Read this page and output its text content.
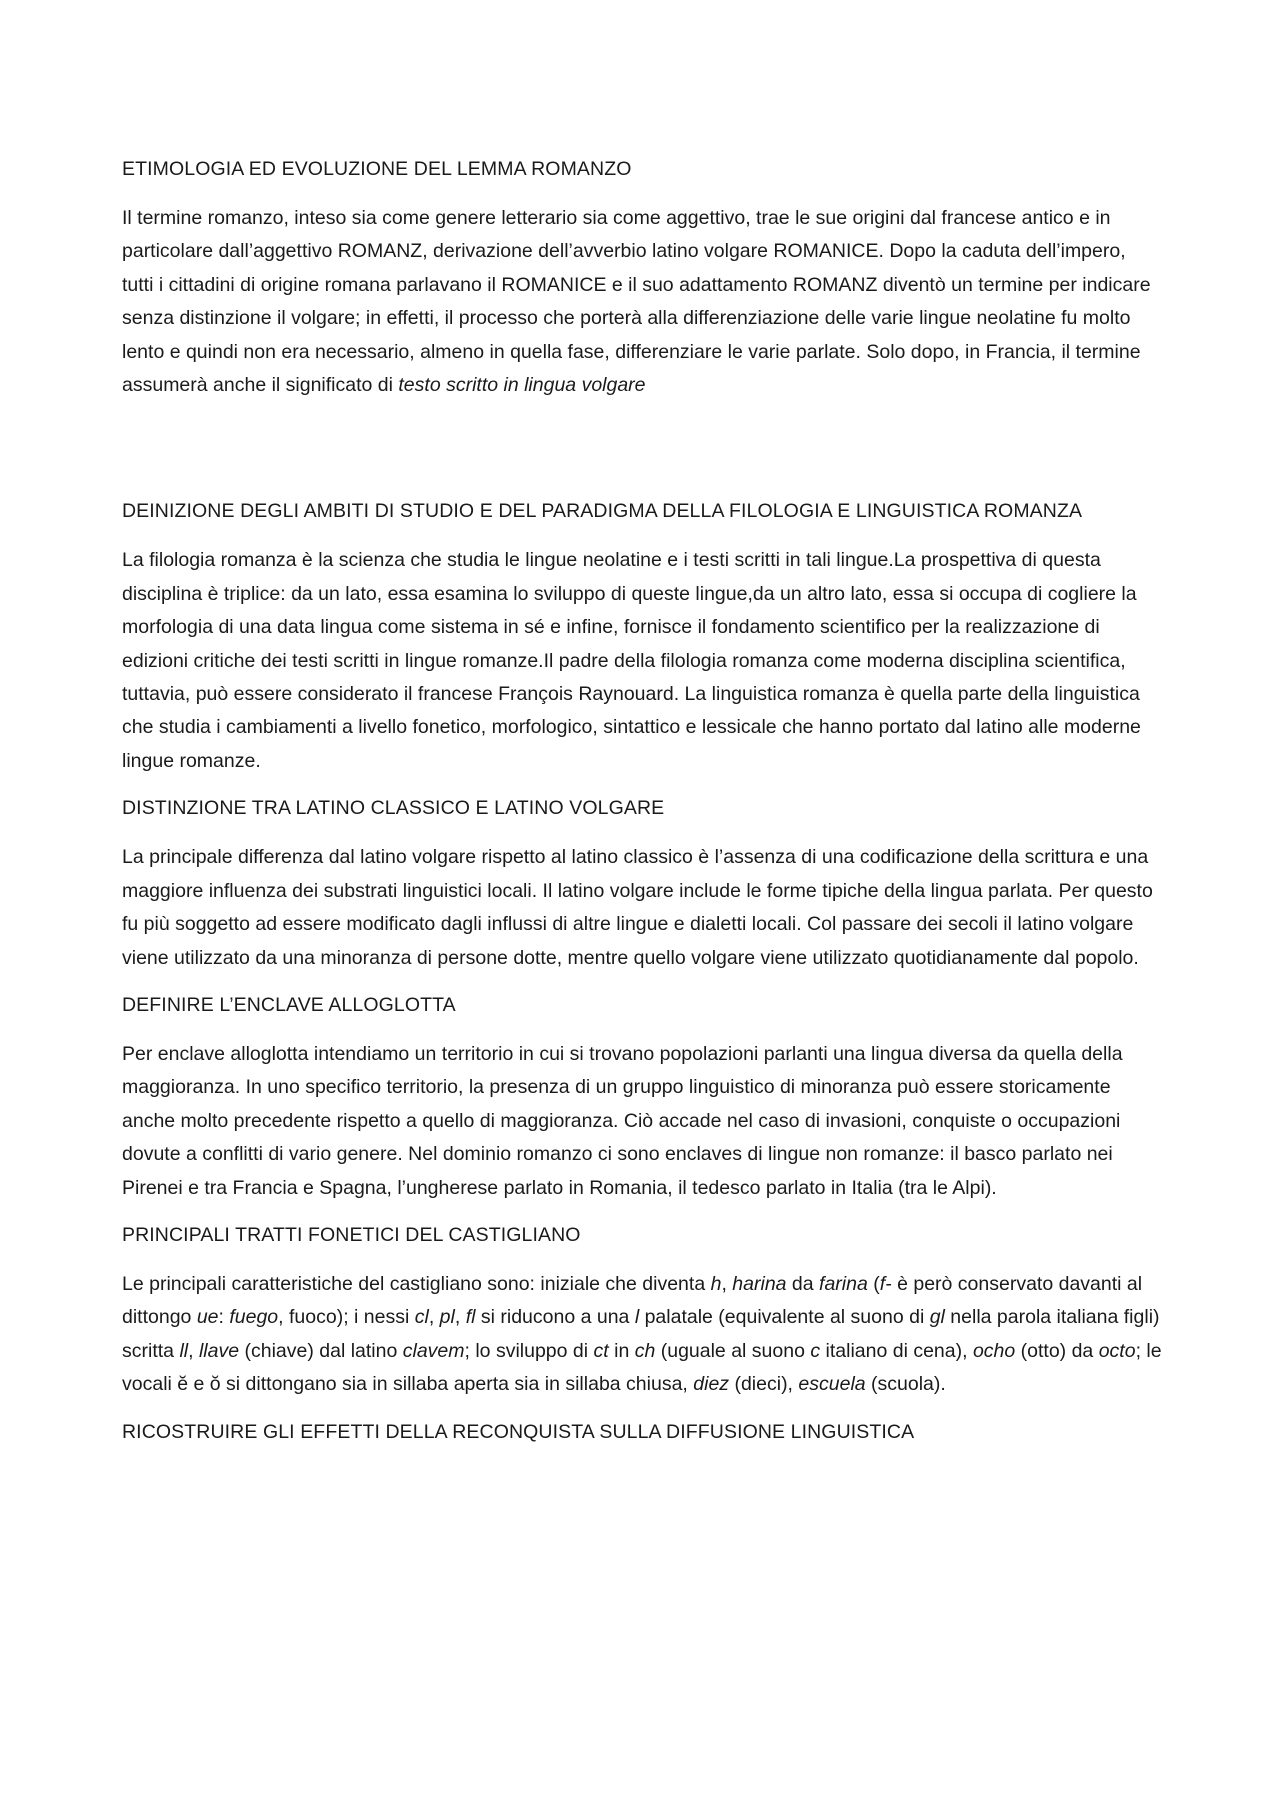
ETIMOLOGIA ED EVOLUZIONE DEL LEMMA ROMANZO

Il termine romanzo, inteso sia come genere letterario sia come aggettivo, trae le sue origini dal francese antico e in particolare dall’aggettivo ROMANZ, derivazione dell’avverbio latino volgare ROMANICE. Dopo la caduta dell’impero, tutti i cittadini di origine romana parlavano il ROMANICE e il suo adattamento ROMANZ diventò un termine per indicare senza distinzione il volgare; in effetti, il processo che porterà alla differenziazione delle varie lingue neolatine fu molto lento e quindi non era necessario, almeno in quella fase, differenziare le varie parlate. Solo dopo, in Francia, il termine assumerà anche il significato di testo scritto in lingua volgare

DEINIZIONE DEGLI AMBITI DI STUDIO E DEL PARADIGMA DELLA FILOLOGIA E LINGUISTICA ROMANZA

La filologia romanza è la scienza che studia le lingue neolatine e i testi scritti in tali lingue.La prospettiva di questa disciplina è triplice: da un lato, essa esamina lo sviluppo di queste lingue,da un altro lato, essa si occupa di cogliere la morfologia di una data lingua come sistema in sé e infine, fornisce il fondamento scientifico per la realizzazione di edizioni critiche dei testi scritti in lingue romanze.Il padre della filologia romanza come moderna disciplina scientifica, tuttavia, può essere considerato il francese François Raynouard. La linguistica romanza è quella parte della linguistica che studia i cambiamenti a livello fonetico, morfologico, sintattico e lessicale che hanno portato dal latino alle moderne lingue romanze.

DISTINZIONE TRA LATINO CLASSICO E LATINO VOLGARE

La principale differenza dal latino volgare rispetto al latino classico è l’assenza di una codificazione della scrittura e una maggiore influenza dei substrati linguistici locali. Il latino volgare include le forme tipiche della lingua parlata. Per questo fu più soggetto ad essere modificato dagli influssi di altre lingue e dialetti locali. Col passare dei secoli il latino volgare viene utilizzato da una minoranza di persone dotte, mentre quello volgare viene utilizzato quotidianamente dal popolo.

DEFINIRE L’ENCLAVE ALLOGLOTTA

Per enclave alloglotta intendiamo un territorio in cui si trovano popolazioni parlanti una lingua diversa da quella della maggioranza. In uno specifico territorio, la presenza di un gruppo linguistico di minoranza può essere storicamente anche molto precedente rispetto a quello di maggioranza. Ciò accade nel caso di invasioni, conquiste o occupazioni dovute a conflitti di vario genere. Nel dominio romanzo ci sono enclaves di lingue non romanze: il basco parlato nei Pirenei e tra Francia e Spagna, l’ungherese parlato in Romania, il tedesco parlato in Italia (tra le Alpi).

PRINCIPALI TRATTI FONETICI DEL CASTIGLIANO

Le principali caratteristiche del castigliano sono: iniziale che diventa h, harina da farina (f- è però conservato davanti al dittongo ue: fuego, fuoco); i nessi cl, pl, fl si riducono a una l palatale (equivalente al suono di gl nella parola italiana figli) scritta ll, llave (chiave) dal latino clavem; lo sviluppo di ct in ch (uguale al suono c italiano di cena), ocho (otto) da octo; le vocali ĕ e ŏ si dittongano sia in sillaba aperta sia in sillaba chiusa, diez (dieci), escuela (scuola).

RICOSTRUIRE GLI EFFETTI DELLA RECONQUISTA SULLA DIFFUSIONE LINGUISTICA
